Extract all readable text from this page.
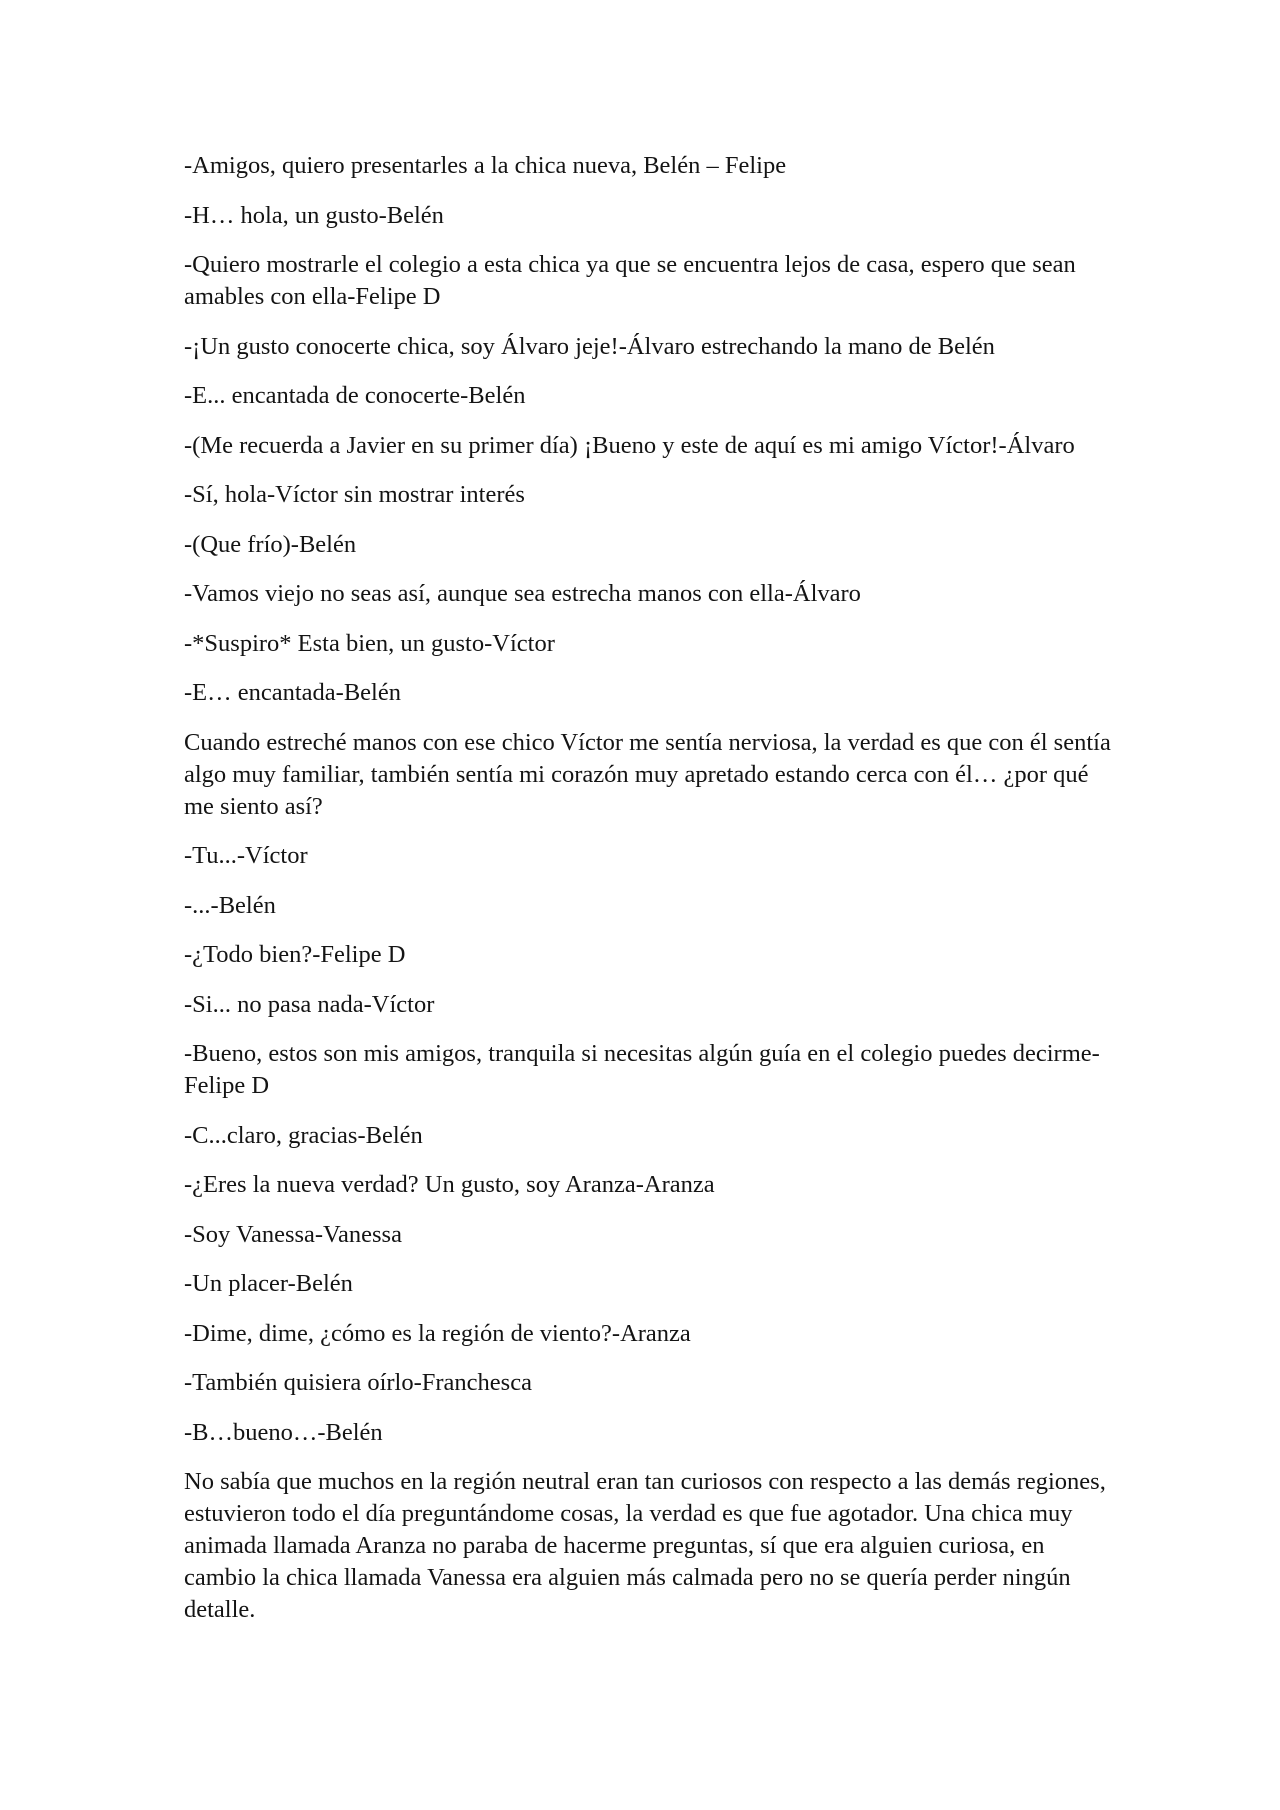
-Amigos, quiero presentarles a la chica nueva, Belén – Felipe

-H… hola, un gusto-Belén

-Quiero mostrarle el colegio a esta chica ya que se encuentra lejos de casa, espero que sean amables con ella-Felipe D

-¡Un gusto conocerte chica, soy Álvaro jeje!-Álvaro estrechando la mano de Belén

-E... encantada de conocerte-Belén

-(Me recuerda a Javier en su primer día) ¡Bueno y este de aquí es mi amigo Víctor!-Álvaro

-Sí, hola-Víctor sin mostrar interés

-(Que frío)-Belén

-Vamos viejo no seas así, aunque sea estrecha manos con ella-Álvaro

-*Suspiro* Esta bien, un gusto-Víctor

-E… encantada-Belén

Cuando estreché manos con ese chico Víctor me sentía nerviosa, la verdad es que con él sentía algo muy familiar, también sentía mi corazón muy apretado estando cerca con él… ¿por qué me siento así?

-Tu...-Víctor

-...-Belén

-¿Todo bien?-Felipe D

-Si... no pasa nada-Víctor

-Bueno, estos son mis amigos, tranquila si necesitas algún guía en el colegio puedes decirme-Felipe D

-C...claro, gracias-Belén

-¿Eres la nueva verdad? Un gusto, soy Aranza-Aranza

-Soy Vanessa-Vanessa

-Un placer-Belén

-Dime, dime, ¿cómo es la región de viento?-Aranza

-También quisiera oírlo-Franchesca

-B…bueno…-Belén

No sabía que muchos en la región neutral eran tan curiosos con respecto a las demás regiones, estuvieron todo el día preguntándome cosas, la verdad es que fue agotador. Una chica muy animada llamada Aranza no paraba de hacerme preguntas, sí que era alguien curiosa, en cambio la chica llamada Vanessa era alguien más calmada pero no se quería perder ningún detalle.
